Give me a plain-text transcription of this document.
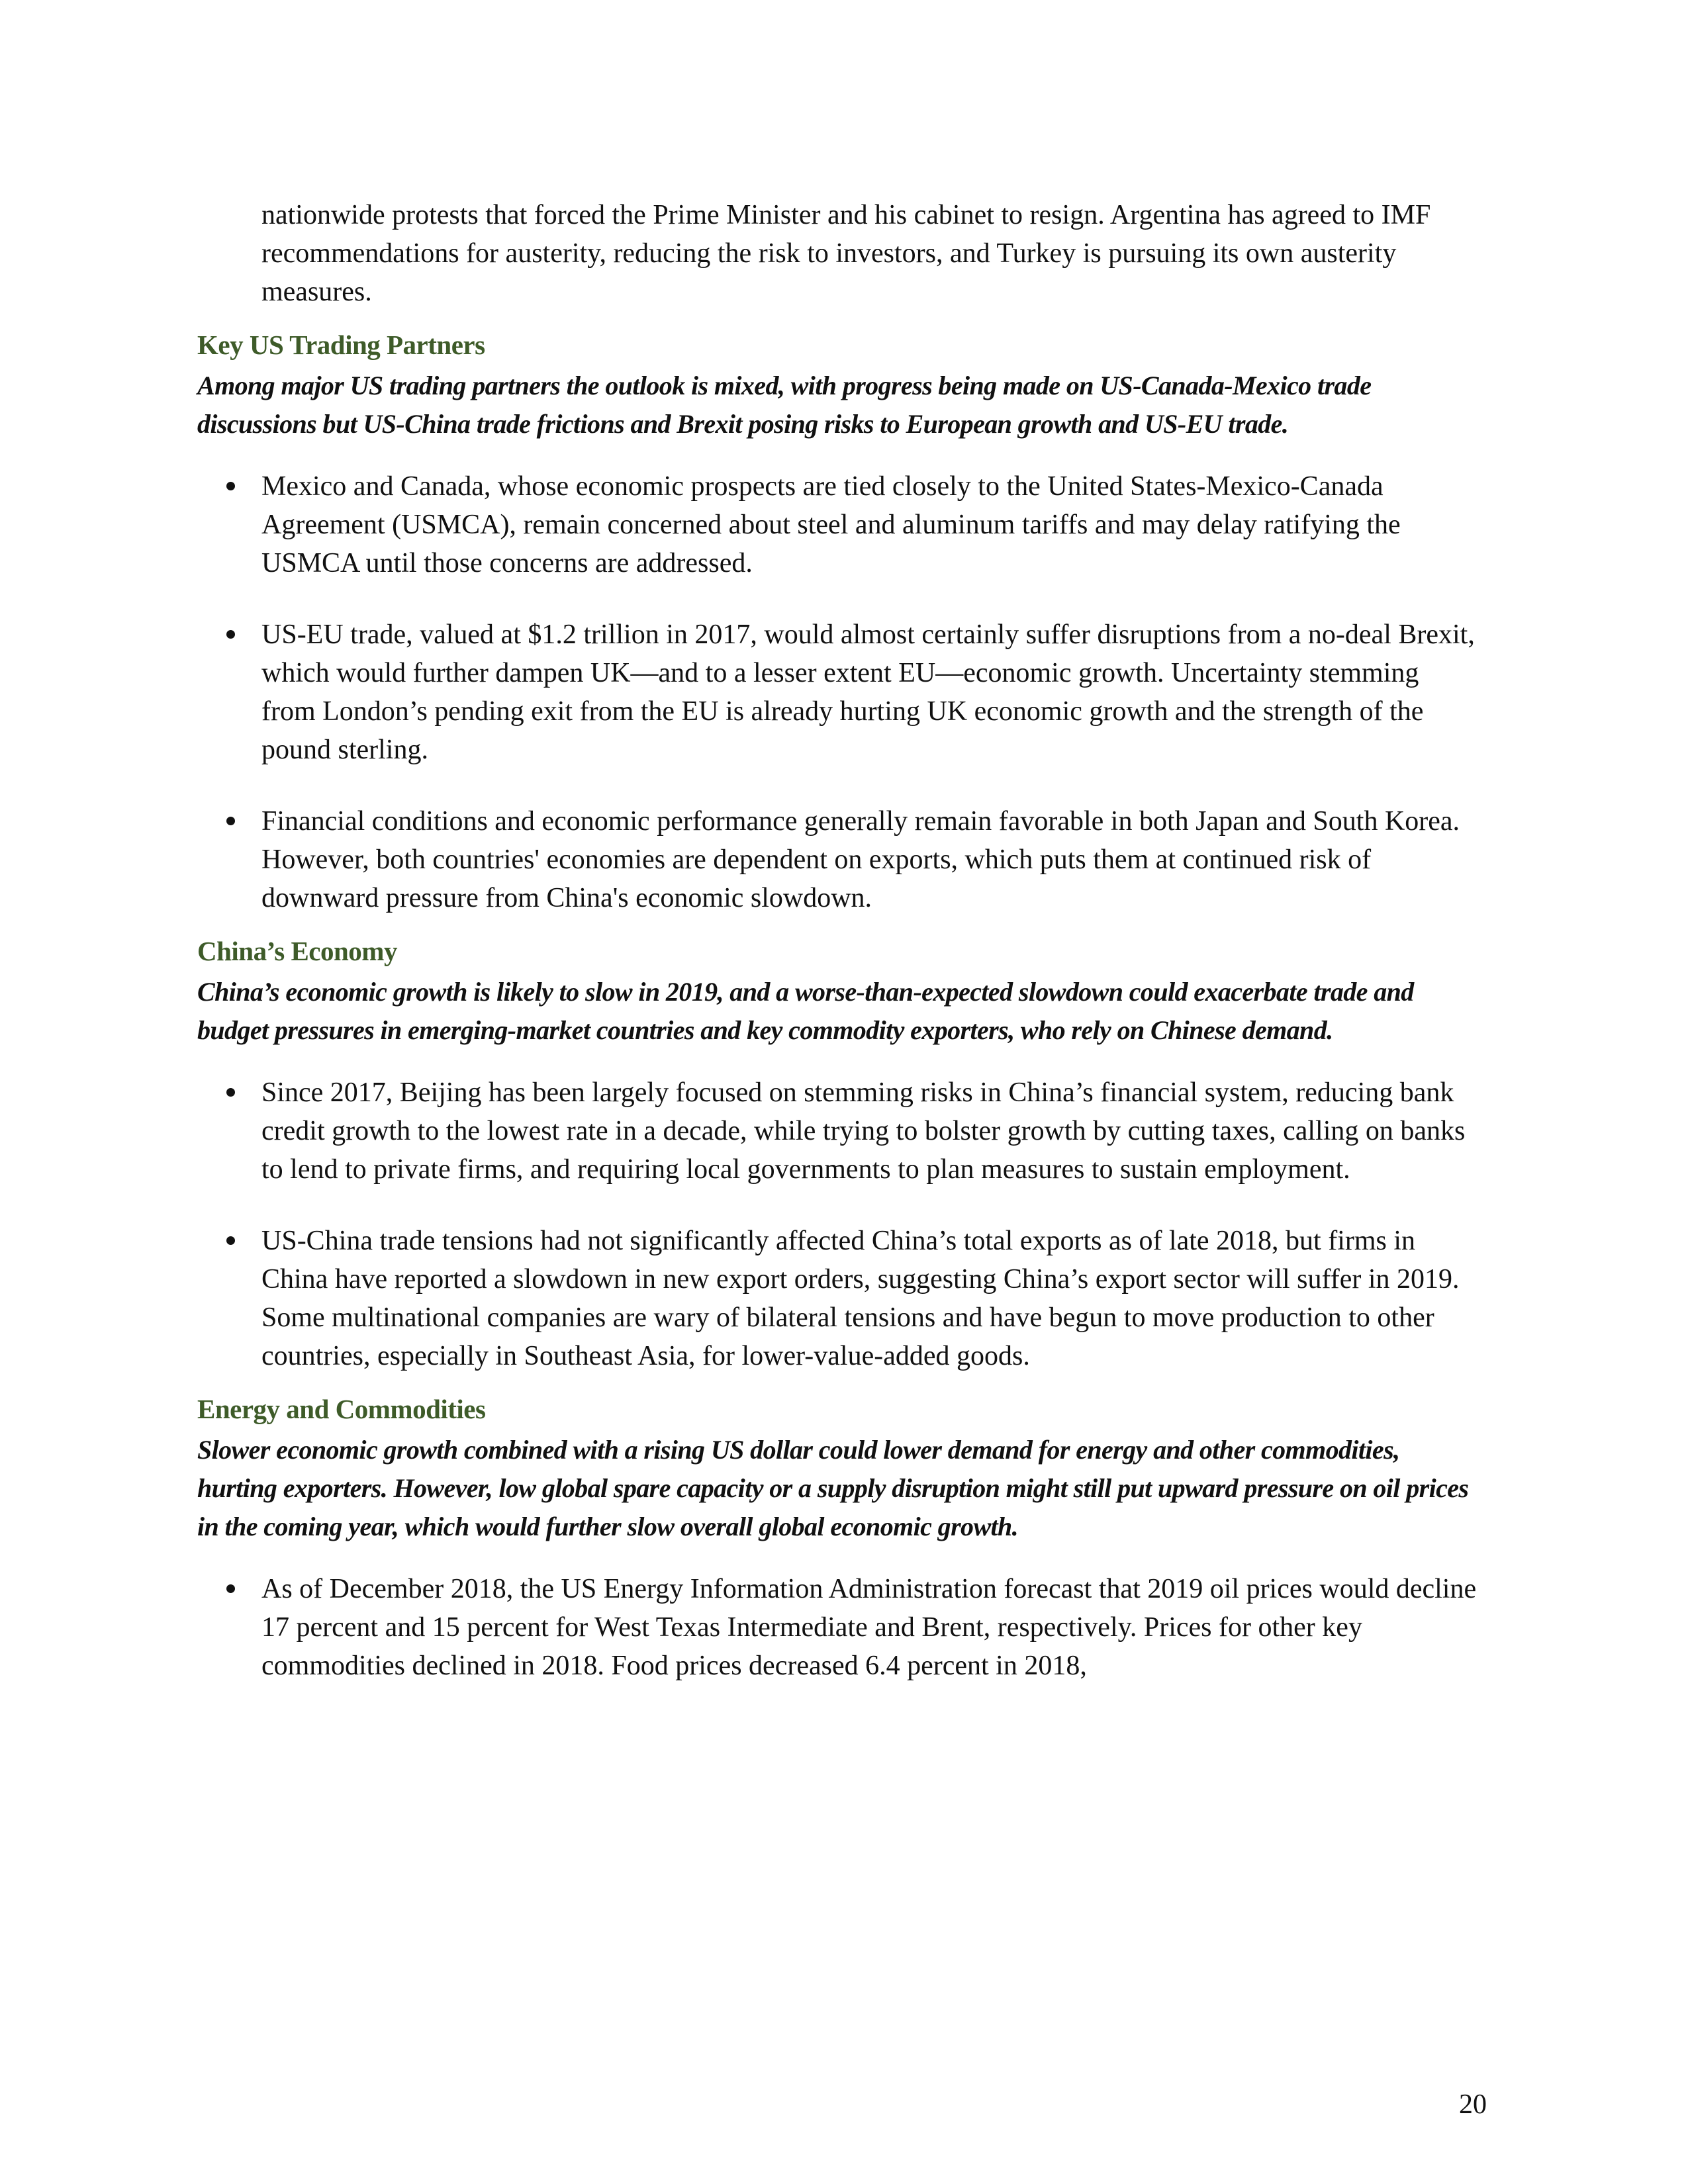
nationwide protests that forced the Prime Minister and his cabinet to resign. Argentina has agreed to IMF recommendations for austerity, reducing the risk to investors, and Turkey is pursuing its own austerity measures.

Key US Trading Partners

Among major US trading partners the outlook is mixed, with progress being made on US-Canada-Mexico trade discussions but US-China trade frictions and Brexit posing risks to European growth and US-EU trade.

Mexico and Canada, whose economic prospects are tied closely to the United States-Mexico-Canada Agreement (USMCA), remain concerned about steel and aluminum tariffs and may delay ratifying the USMCA until those concerns are addressed.
US-EU trade, valued at $1.2 trillion in 2017, would almost certainly suffer disruptions from a no-deal Brexit, which would further dampen UK—and to a lesser extent EU—economic growth. Uncertainty stemming from London’s pending exit from the EU is already hurting UK economic growth and the strength of the pound sterling.
Financial conditions and economic performance generally remain favorable in both Japan and South Korea. However, both countries' economies are dependent on exports, which puts them at continued risk of downward pressure from China's economic slowdown.
China’s Economy

China’s economic growth is likely to slow in 2019, and a worse-than-expected slowdown could exacerbate trade and budget pressures in emerging-market countries and key commodity exporters, who rely on Chinese demand.

Since 2017, Beijing has been largely focused on stemming risks in China’s financial system, reducing bank credit growth to the lowest rate in a decade, while trying to bolster growth by cutting taxes, calling on banks to lend to private firms, and requiring local governments to plan measures to sustain employment.
US-China trade tensions had not significantly affected China’s total exports as of late 2018, but firms in China have reported a slowdown in new export orders, suggesting China’s export sector will suffer in 2019. Some multinational companies are wary of bilateral tensions and have begun to move production to other countries, especially in Southeast Asia, for lower-value-added goods.
Energy and Commodities

Slower economic growth combined with a rising US dollar could lower demand for energy and other commodities, hurting exporters. However, low global spare capacity or a supply disruption might still put upward pressure on oil prices in the coming year, which would further slow overall global economic growth.

As of December 2018, the US Energy Information Administration forecast that 2019 oil prices would decline 17 percent and 15 percent for West Texas Intermediate and Brent, respectively. Prices for other key commodities declined in 2018. Food prices decreased 6.4 percent in 2018,
20
